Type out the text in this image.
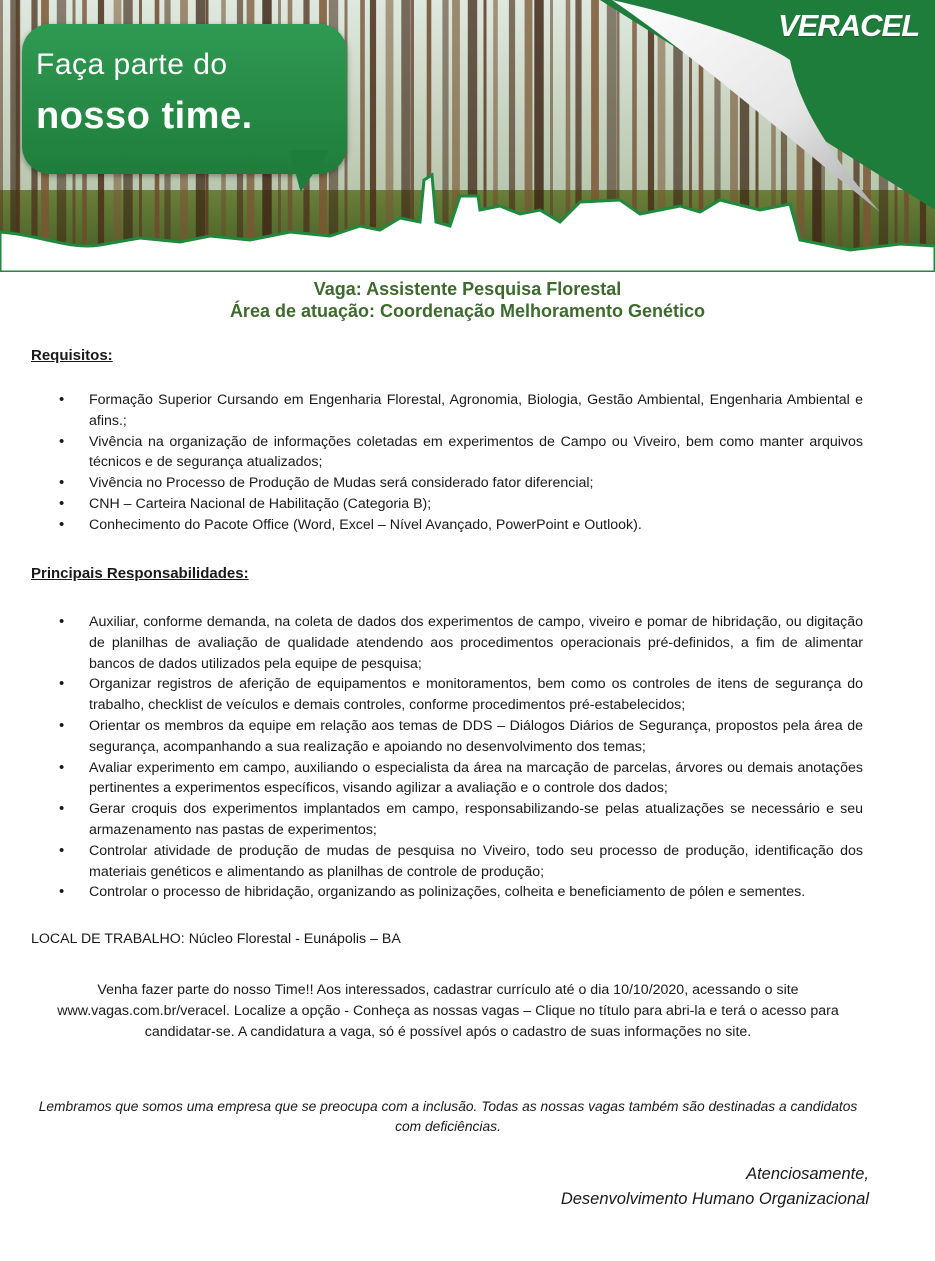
Faça parte do
nosso time.
VERACEL
Vaga: Assistente Pesquisa Florestal
Área de atuação: Coordenação Melhoramento Genético
Requisitos:
• Formação Superior Cursando em Engenharia Florestal, Agronomia, Biologia, Gestão Ambiental, Engenharia Ambiental e afins.;
• Vivência na organização de informações coletadas em experimentos de Campo ou Viveiro, bem como manter arquivos técnicos e de segurança atualizados;
• Vivência no Processo de Produção de Mudas será considerado fator diferencial;
• CNH – Carteira Nacional de Habilitação (Categoria B);
• Conhecimento do Pacote Office (Word, Excel – Nível Avançado, PowerPoint e Outlook).
Principais Responsabilidades:
• Auxiliar, conforme demanda, na coleta de dados dos experimentos de campo, viveiro e pomar de hibridação, ou digitação de planilhas de avaliação de qualidade atendendo aos procedimentos operacionais pré-definidos, a fim de alimentar bancos de dados utilizados pela equipe de pesquisa;
• Organizar registros de aferição de equipamentos e monitoramentos, bem como os controles de itens de segurança do trabalho, checklist de veículos e demais controles, conforme procedimentos pré-estabelecidos;
• Orientar os membros da equipe em relação aos temas de DDS – Diálogos Diários de Segurança, propostos pela área de segurança, acompanhando a sua realização e apoiando no desenvolvimento dos temas;
• Avaliar experimento em campo, auxiliando o especialista da área na marcação de parcelas, árvores ou demais anotações pertinentes a experimentos específicos, visando agilizar a avaliação e o controle dos dados;
• Gerar croquis dos experimentos implantados em campo, responsabilizando-se pelas atualizações se necessário e seu armazenamento nas pastas de experimentos;
• Controlar atividade de produção de mudas de pesquisa no Viveiro, todo seu processo de produção, identificação dos materiais genéticos e alimentando as planilhas de controle de produção;
• Controlar o processo de hibridação, organizando as polinizações, colheita e beneficiamento de pólen e sementes.
LOCAL DE TRABALHO: Núcleo Florestal - Eunápolis – BA
Venha fazer parte do nosso Time!! Aos interessados, cadastrar currículo até o dia 10/10/2020, acessando o site www.vagas.com.br/veracel. Localize a opção - Conheça as nossas vagas – Clique no título para abri-la e terá o acesso para candidatar-se. A candidatura a vaga, só é possível após o cadastro de suas informações no site.
Lembramos que somos uma empresa que se preocupa com a inclusão. Todas as nossas vagas também são destinadas a candidatos com deficiências.
Atenciosamente,
Desenvolvimento Humano Organizacional
